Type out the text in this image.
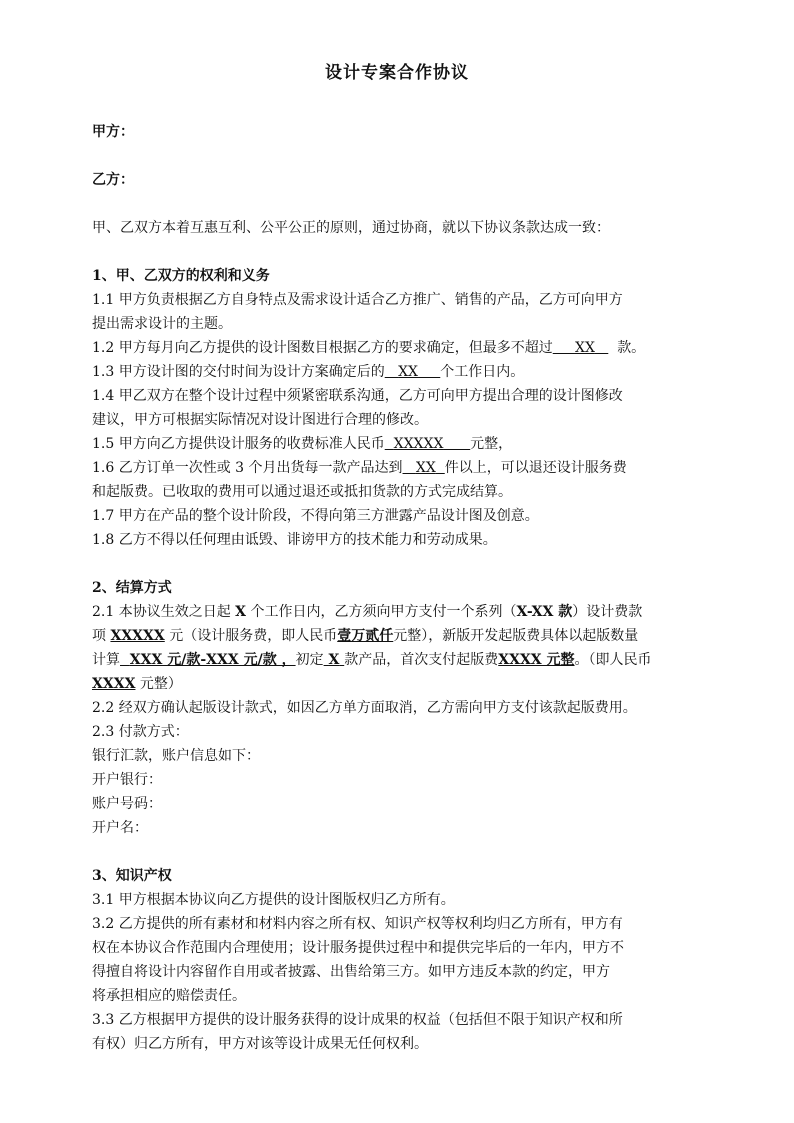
设计专案合作协议
甲方：
乙方：
甲、乙双方本着互惠互利、公平公正的原则，通过协商，就以下协议条款达成一致：
1、甲、乙双方的权利和义务
1.1 甲方负责根据乙方自身特点及需求设计适合乙方推广、销售的产品，乙方可向甲方
提出需求设计的主题。
1.2 甲方每月向乙方提供的设计图数目根据乙方的要求确定，但最多不超过 XX 款。
1.3 甲方设计图的交付时间为设计方案确定后的 XX 个工作日内。
1.4 甲乙双方在整个设计过程中须紧密联系沟通，乙方可向甲方提出合理的设计图修改
建议，甲方可根据实际情况对设计图进行合理的修改。
1.5 甲方向乙方提供设计服务的收费标准人民币 XXXXX 元整，
1.6 乙方订单一次性或 3 个月出货每一款产品达到 XX 件以上，可以退还设计服务费
和起版费。已收取的费用可以通过退还或抵扣货款的方式完成结算。
1.7 甲方在产品的整个设计阶段，不得向第三方泄露产品设计图及创意。
1.8 乙方不得以任何理由诋毁、诽谤甲方的技术能力和劳动成果。
2、结算方式
2.1 本协议生效之日起 X 个工作日内，乙方须向甲方支付一个系列（X-XX 款）设计费款
项 XXXXX 元（设计服务费，即人民币壹万贰仟元整），新版开发起版费具体以起版数量
计算 XXX 元/款-XXX 元/款 ，初定 X 款产品，首次支付起版费XXXX 元整。（即人民币
XXXX 元整）
2.2 经双方确认起版设计款式，如因乙方单方面取消，乙方需向甲方支付该款起版费用。
2.3 付款方式：
银行汇款，账户信息如下：
开户银行：
账户号码：
开户名：
3、知识产权
3.1 甲方根据本协议向乙方提供的设计图版权归乙方所有。
3.2 乙方提供的所有素材和材料内容之所有权、知识产权等权利均归乙方所有，甲方有
权在本协议合作范围内合理使用；设计服务提供过程中和提供完毕后的一年内，甲方不
得擅自将设计内容留作自用或者披露、出售给第三方。如甲方违反本款的约定，甲方
将承担相应的赔偿责任。
3.3 乙方根据甲方提供的设计服务获得的设计成果的权益（包括但不限于知识产权和所
有权）归乙方所有，甲方对该等设计成果无任何权利。
